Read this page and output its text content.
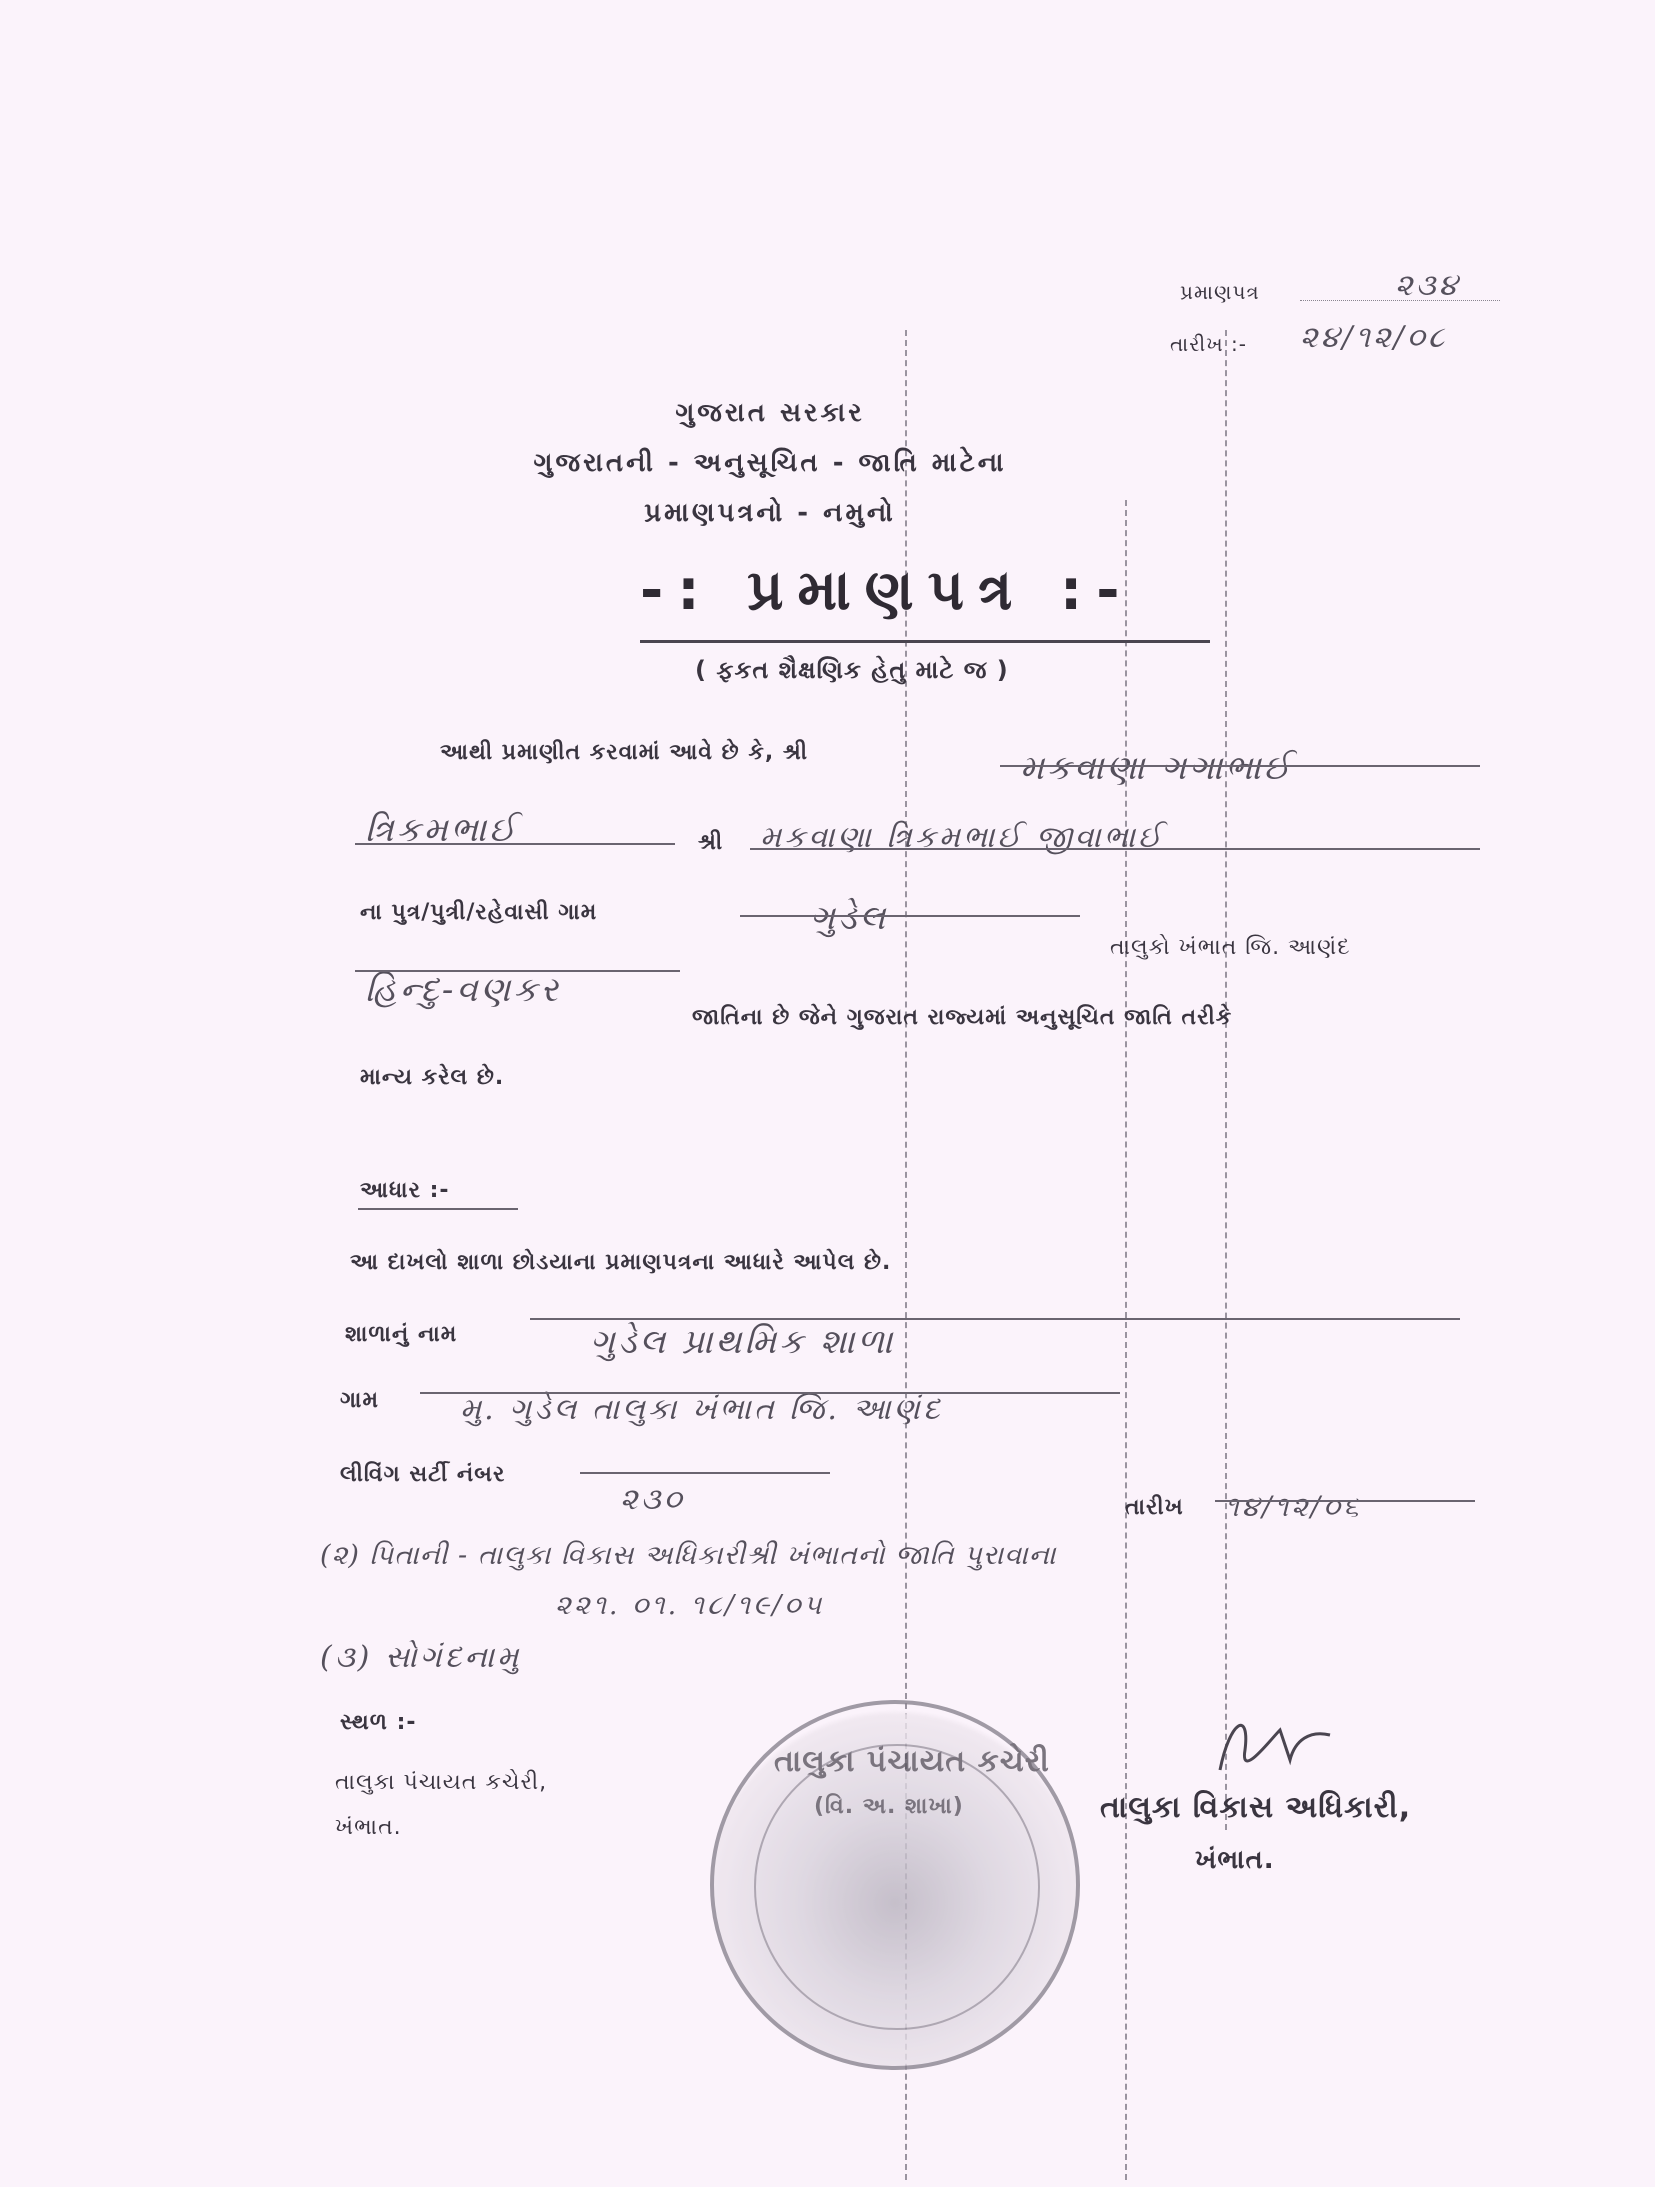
પ્રમાણપત્ર	૨૩૪
તારીખ :- ૨૪/૧૨/૦૮
ગુજરાત સરકાર
ગુજરાતની - અનુસૂચિત - જાતિ માટેના
પ્રમાણપત્રનો - નમુનો
-: પ્રમાણપત્ર :-
( ફકત શૈક્ષણિક હેતુ માટે જ )
આથી પ્રમાણીત કરવામાં આવે છે કે, શ્રી	મકવાણા ગગાભાઈ
ત્રિકમભાઈ	શ્રી મકવાણા ત્રિકમભાઈ જીવાભાઈ
ના પુત્ર/પુત્રી/રહેવાસી ગામ	ગુડેલ
તાલુકો ખંભાત જિ. આણંદ
હિન્દુ-વણકર
જાતિના છે જેને ગુજરાત રાજ્યમાં અનુસૂચિત જાતિ તરીકે
માન્ય કરેલ છે.
આધાર :-
આ દાખલો શાળા છોડયાના પ્રમાણપત્રના આધારે આપેલ છે.
શાળાનું નામ	ગુડેલ પ્રાથમિક શાળા
ગામ	મુ. ગુડેલ તાલુકા ખંભાત જિ. આણંદ
લીવિંગ સર્ટી નંબર
૨૩૦	તારીખ ૧૪/૧૨/૦૬
(૨) પિતાની - તાલુકા વિકાસ અધિકારીશ્રી ખંભાતનો જાતિ પુરાવાના
૨૨૧. ૦૧. ૧૮/૧૯/૦૫
(૩) સોગંદનામુ
સ્થળ :-
તાલુકા પંચાયત કચેરી,
ખંભાત.
તાલુકા પંચાયત કચેરી
(વિ. અ. શાખા)	તાલુકા વિકાસ અધિકારી,
ખંભાત.
